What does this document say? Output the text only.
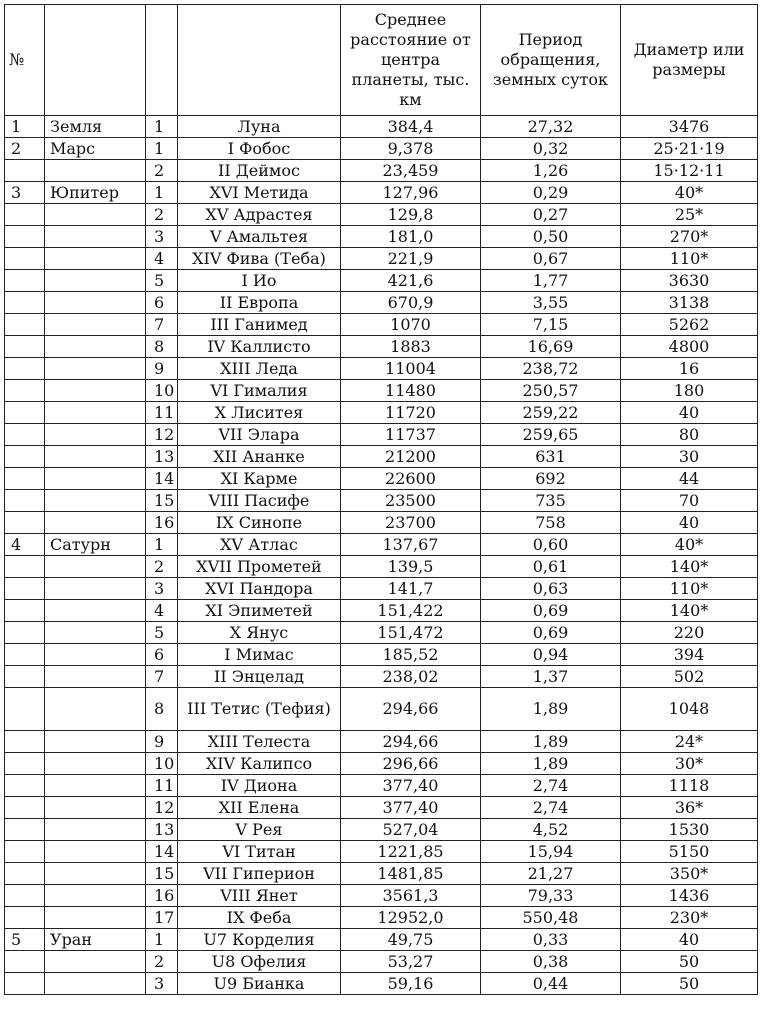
№				Среднее расстояние от центра планеты, тыс. км	Период обращения, земных суток	Диаметр или размеры
1	Земля	1	Луна	384,4	27,32	3476
2	Марс	1	I Фобос	9,378	0,32	25·21·19
		2	II Деймос	23,459	1,26	15·12·11
3	Юпитер	1	XVI Метида	127,96	0,29	40*
		2	XV Адрастея	129,8	0,27	25*
		3	V Амальтея	181,0	0,50	270*
		4	XIV Фива (Теба)	221,9	0,67	110*
		5	I Ио	421,6	1,77	3630
		6	II Европа	670,9	3,55	3138
		7	III Ганимед	1070	7,15	5262
		8	IV Каллисто	1883	16,69	4800
		9	XIII Леда	11004	238,72	16
		10	VI Гималия	11480	250,57	180
		11	X Лиситея	11720	259,22	40
		12	VII Элара	11737	259,65	80
		13	XII Ананке	21200	631	30
		14	XI Карме	22600	692	44
		15	VIII Пасифе	23500	735	70
		16	IX Синопе	23700	758	40
4	Сатурн	1	XV Атлас	137,67	0,60	40*
		2	XVII Прометей	139,5	0,61	140*
		3	XVI Пандора	141,7	0,63	110*
		4	XI Эпиметей	151,422	0,69	140*
		5	X Янус	151,472	0,69	220
		6	I Мимас	185,52	0,94	394
		7	II Энцелад	238,02	1,37	502
		8	III Тетис (Тефия)	294,66	1,89	1048
		9	XIII Телеста	294,66	1,89	24*
		10	XIV Калипсо	296,66	1,89	30*
		11	IV Диона	377,40	2,74	1118
		12	XII Елена	377,40	2,74	36*
		13	V Рея	527,04	4,52	1530
		14	VI Титан	1221,85	15,94	5150
		15	VII Гиперион	1481,85	21,27	350*
		16	VIII Янет	3561,3	79,33	1436
		17	IX Феба	12952,0	550,48	230*
5	Уран	1	U7 Корделия	49,75	0,33	40
		2	U8 Офелия	53,27	0,38	50
		3	U9 Бианка	59,16	0,44	50
